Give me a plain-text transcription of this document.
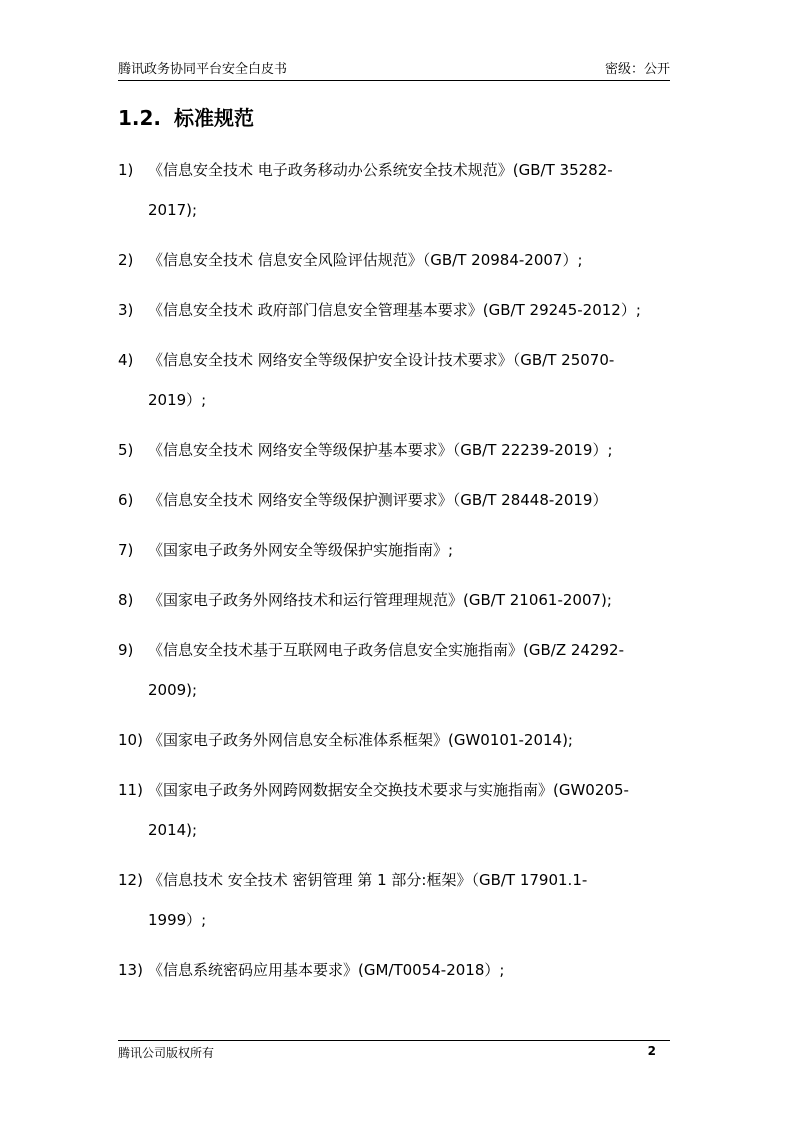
腾讯政务协同平台安全白皮书	密级：公开
1.2. 标准规范
1) 《信息安全技术 电子政务移动办公系统安全技术规范》(GB/T 35282-
2017);
2) 《信息安全技术 信息安全风险评估规范》（GB/T 20984-2007）;
3) 《信息安全技术 政府部门信息安全管理基本要求》(GB/T 29245-2012）;
4) 《信息安全技术 网络安全等级保护安全设计技术要求》（GB/T 25070-
2019）;
5) 《信息安全技术 网络安全等级保护基本要求》（GB/T 22239-2019）;
6) 《信息安全技术 网络安全等级保护测评要求》（GB/T 28448-2019）
7) 《国家电子政务外网安全等级保护实施指南》;
8) 《国家电子政务外网络技术和运行管理理规范》(GB/T 21061-2007);
9) 《信息安全技术基于互联网电子政务信息安全实施指南》(GB/Z 24292-
2009);
10) 《国家电子政务外网信息安全标准体系框架》(GW0101-2014);
11) 《国家电子政务外网跨网数据安全交换技术要求与实施指南》(GW0205-
2014);
12) 《信息技术 安全技术 密钥管理 第 1 部分:框架》（GB/T 17901.1-
1999）;
13) 《信息系统密码应用基本要求》(GM/T0054-2018）;
腾讯公司版权所有	2
